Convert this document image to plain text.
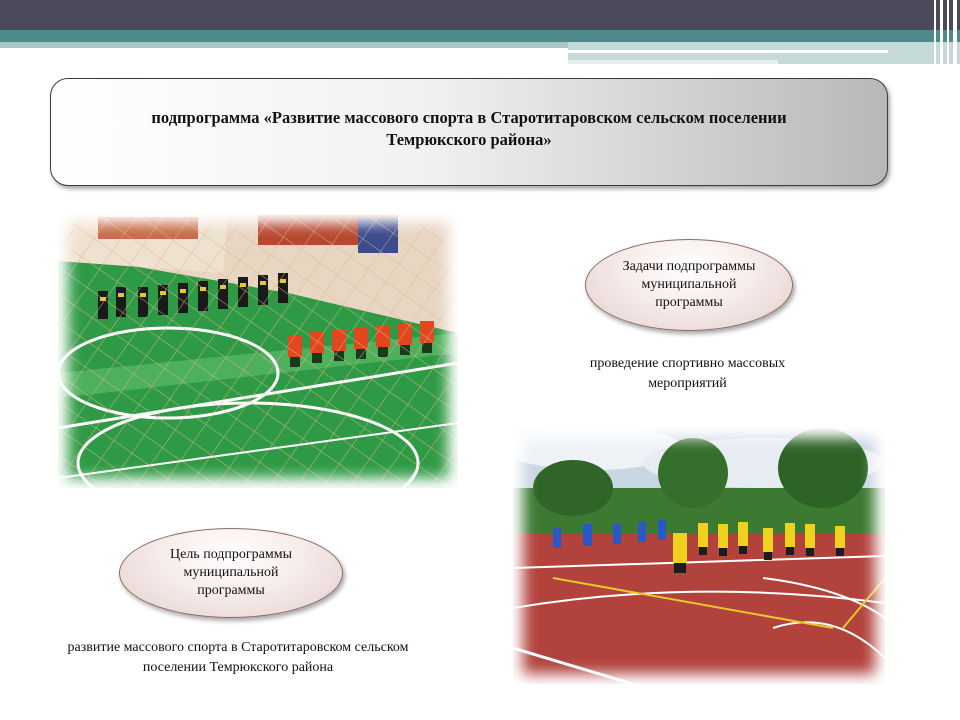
подпрограмма «Развитие массового спорта в Старотитаровском сельском поселении
Темрюкского района»
Задачи подпрограммы муниципальной программы
проведение спортивно массовых мероприятий
Цель подпрограммы муниципальной программы
развитие массового спорта в Старотитаровском сельском поселении Темрюкского района
